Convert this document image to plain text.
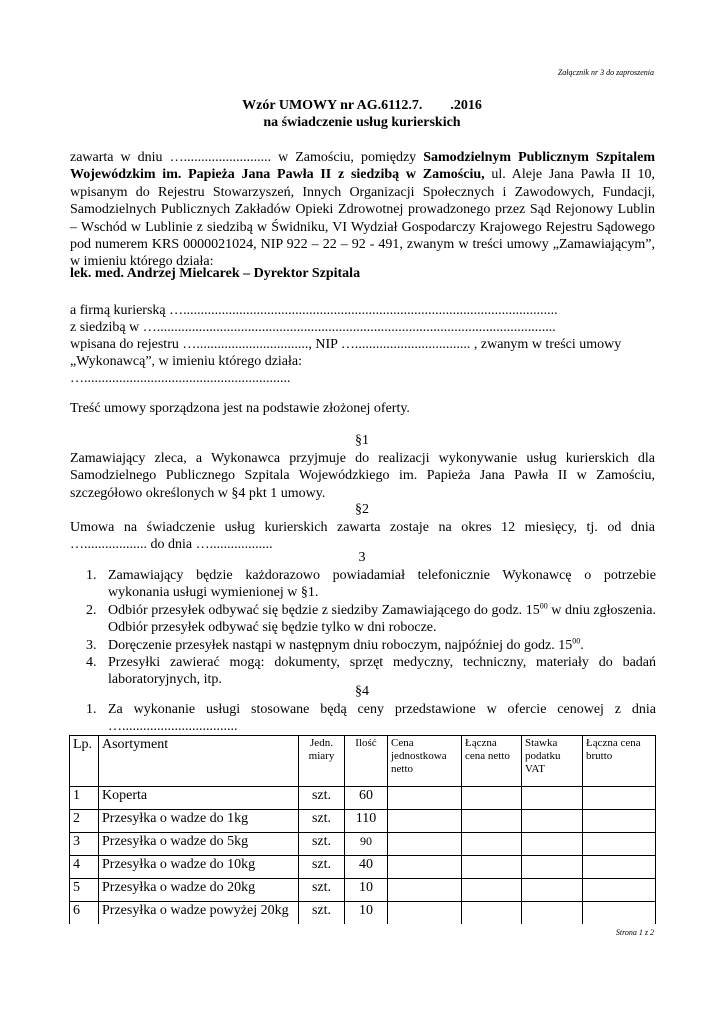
Załącznik nr 3 do zaproszenia
Wzór UMOWY nr AG.6112.7.        .2016
na świadczenie usług kurierskich
zawarta w dniu …......................... w Zamościu, pomiędzy Samodzielnym Publicznym Szpitalem Wojewódzkim im. Papieża Jana Pawła II z siedzibą w Zamościu, ul. Aleje Jana Pawła II 10, wpisanym do Rejestru Stowarzyszeń, Innych Organizacji Społecznych i Zawodowych, Fundacji, Samodzielnych Publicznych Zakładów Opieki Zdrowotnej prowadzonego przez Sąd Rejonowy Lublin – Wschód w Lublinie z siedzibą w Świdniku, VI Wydział Gospodarczy Krajowego Rejestru Sądowego pod numerem KRS 0000021024, NIP 922 – 22 – 92 - 491, zwanym w treści umowy „Zamawiającym”, w imieniu którego działa:
lek. med. Andrzej Mielcarek – Dyrektor Szpitala
a firmą kurierską …...........................................................................................................
z siedzibą w …..................................................................................................................
wpisana do rejestru …................................, NIP …................................. , zwanym w treści umowy
„Wykonawcą”, w imieniu którego działa:
…...........................................................
Treść umowy sporządzona jest na podstawie złożonej oferty.
§1
Zamawiający zleca, a Wykonawca przyjmuje do realizacji wykonywanie usług kurierskich dla Samodzielnego Publicznego Szpitala Wojewódzkiego im. Papieża Jana Pawła II w Zamościu, szczegółowo określonych w §4 pkt 1 umowy.
§2
Umowa na świadczenie usług kurierskich zawarta zostaje na okres 12 miesięcy, tj. od dnia ….................. do dnia …..................
3
1. Zamawiający będzie każdorazowo powiadamiał telefonicznie Wykonawcę o potrzebie wykonania usługi wymienionej w §1.
2. Odbiór przesyłek odbywać się będzie z siedziby Zamawiającego do godz. $15^{00}$ w dniu zgłoszenia. Odbiór przesyłek odbywać się będzie tylko w dni robocze.
3. Doręczenie przesyłek nastąpi w następnym dniu roboczym, najpóźniej do godz. $15^{00}$.
4. Przesyłki zawierać mogą: dokumenty, sprzęt medyczny, techniczny, materiały do badań laboratoryjnych, itp.
§4
1. Za wykonanie usługi stosowane będą ceny przedstawione w ofercie cenowej z dnia ….................................
Lp.	Asortyment	Jedn. miary	Ilość	Cena jednostkowa netto	Łączna cena netto	Stawka podatku VAT	Łączna cena brutto
1	Koperta	szt.	60				
2	Przesyłka o wadze do 1kg	szt.	110				
3	Przesyłka o wadze do 5kg	szt.	90				
4	Przesyłka o wadze do 10kg	szt.	40				
5	Przesyłka o wadze do 20kg	szt.	10				
6	Przesyłka o wadze powyżej 20kg	szt.	10				
Strona 1 z 2
